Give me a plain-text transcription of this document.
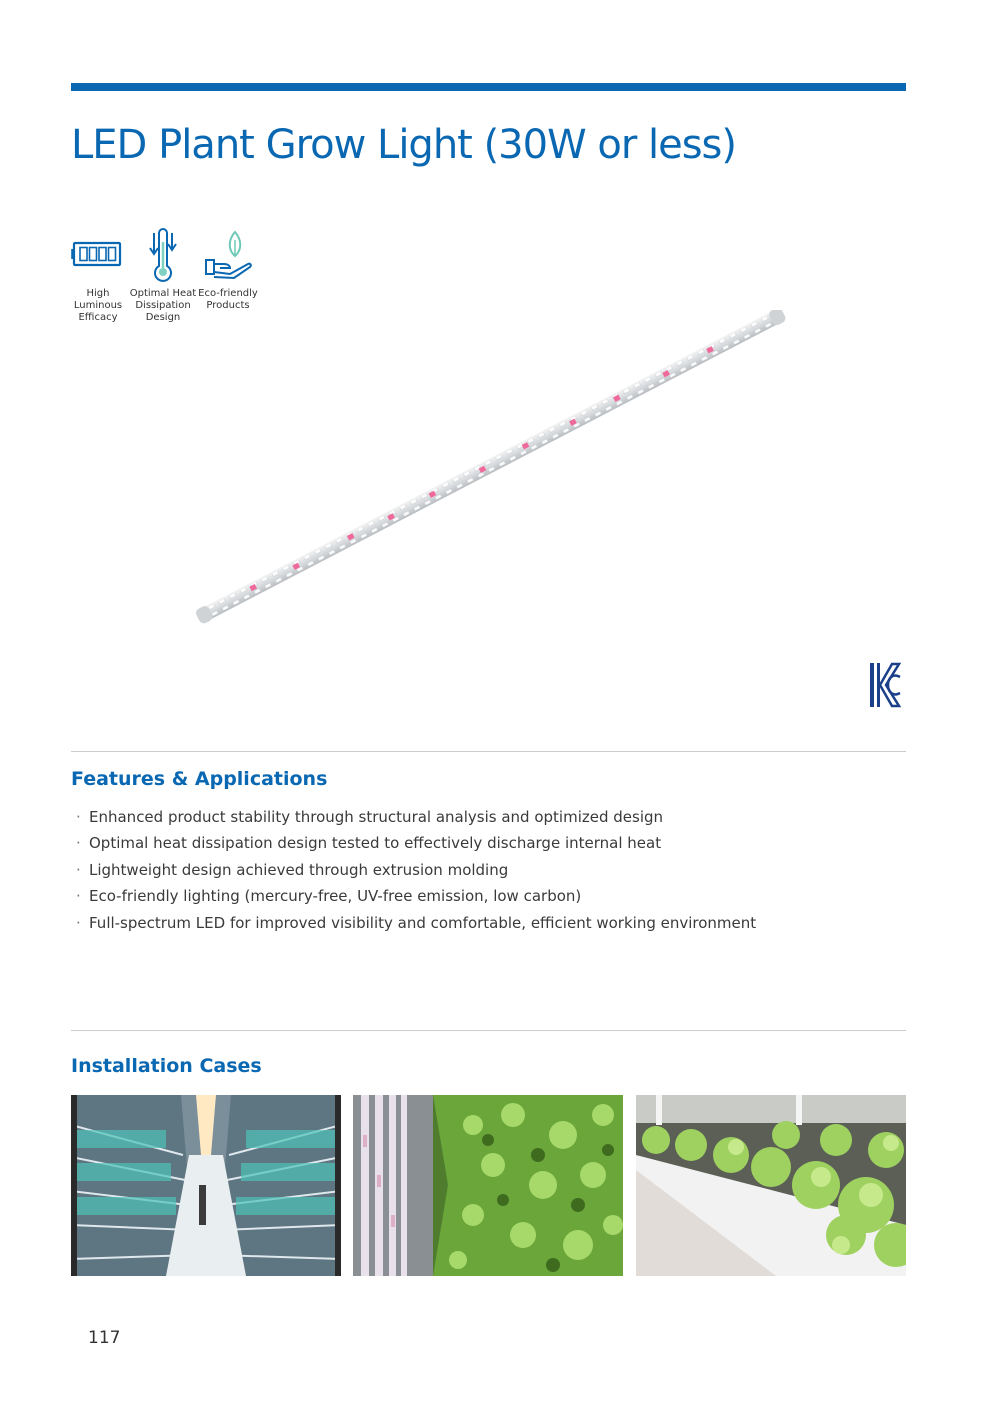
LED Plant Grow Light (30W or less)
High Luminous Efficacy
Optimal Heat Dissipation Design
Eco-friendly Products
Features & Applications
· Enhanced product stability through structural analysis and optimized design
· Optimal heat dissipation design tested to effectively discharge internal heat
· Lightweight design achieved through extrusion molding
· Eco-friendly lighting (mercury-free, UV-free emission, low carbon)
· Full-spectrum LED for improved visibility and comfortable, efficient working environment
Installation Cases
117
